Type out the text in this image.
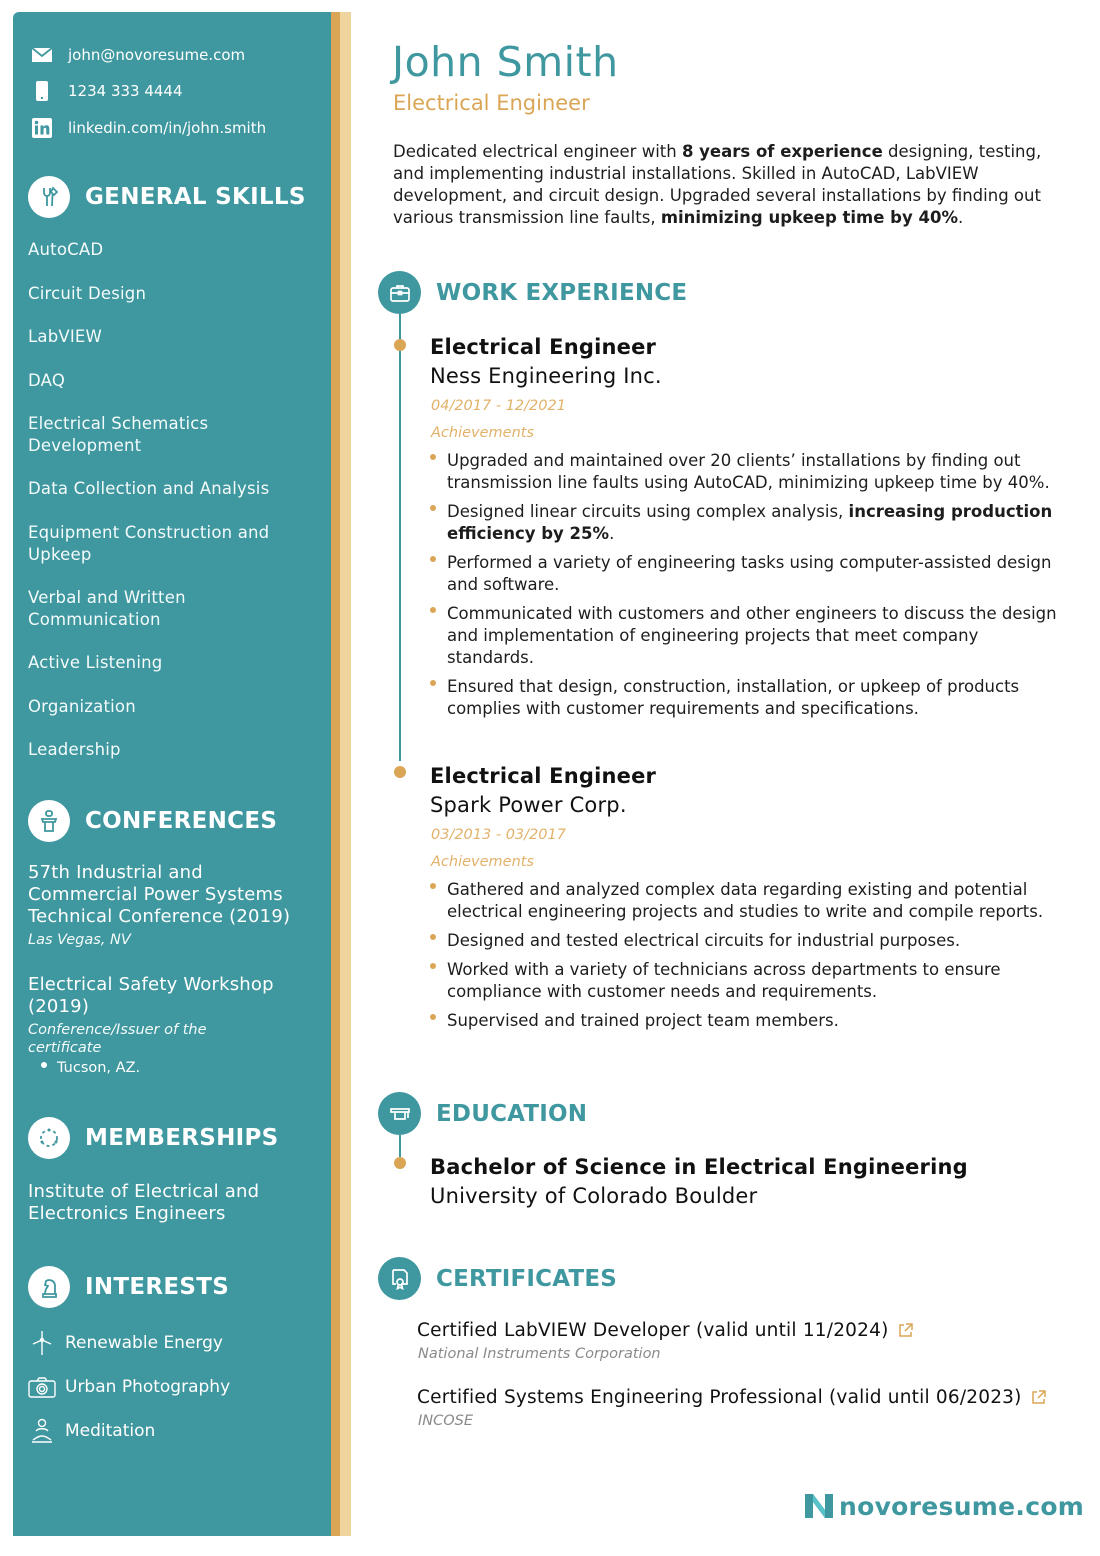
john@novoresume.com
1234 333 4444
linkedin.com/in/john.smith
GENERAL SKILLS
AutoCAD
Circuit Design
LabVIEW
DAQ
Electrical Schematics Development
Data Collection and Analysis
Equipment Construction and Upkeep
Verbal and Written Communication
Active Listening
Organization
Leadership
CONFERENCES
57th Industrial and Commercial Power Systems Technical Conference (2019)
Las Vegas, NV
Electrical Safety Workshop (2019)
Conference/Issuer of the certificate
Tucson, AZ.
MEMBERSHIPS
Institute of Electrical and Electronics Engineers
INTERESTS
Renewable Energy
Urban Photography
Meditation
John Smith
Electrical Engineer
Dedicated electrical engineer with 8 years of experience designing, testing, and implementing industrial installations. Skilled in AutoCAD, LabVIEW development, and circuit design. Upgraded several installations by finding out various transmission line faults, minimizing upkeep time by 40%.
WORK EXPERIENCE
Electrical Engineer
Ness Engineering Inc.
04/2017 - 12/2021
Achievements
Upgraded and maintained over 20 clients’ installations by finding out transmission line faults using AutoCAD, minimizing upkeep time by 40%.
Designed linear circuits using complex analysis, increasing production efficiency by 25%.
Performed a variety of engineering tasks using computer-assisted design and software.
Communicated with customers and other engineers to discuss the design and implementation of engineering projects that meet company standards.
Ensured that design, construction, installation, or upkeep of products complies with customer requirements and specifications.
Electrical Engineer
Spark Power Corp.
03/2013 - 03/2017
Achievements
Gathered and analyzed complex data regarding existing and potential electrical engineering projects and studies to write and compile reports.
Designed and tested electrical circuits for industrial purposes.
Worked with a variety of technicians across departments to ensure compliance with customer needs and requirements.
Supervised and trained project team members.
EDUCATION
Bachelor of Science in Electrical Engineering
University of Colorado Boulder
CERTIFICATES
Certified LabVIEW Developer (valid until 11/2024)
National Instruments Corporation
Certified Systems Engineering Professional (valid until 06/2023)
INCOSE
novoresume.com
